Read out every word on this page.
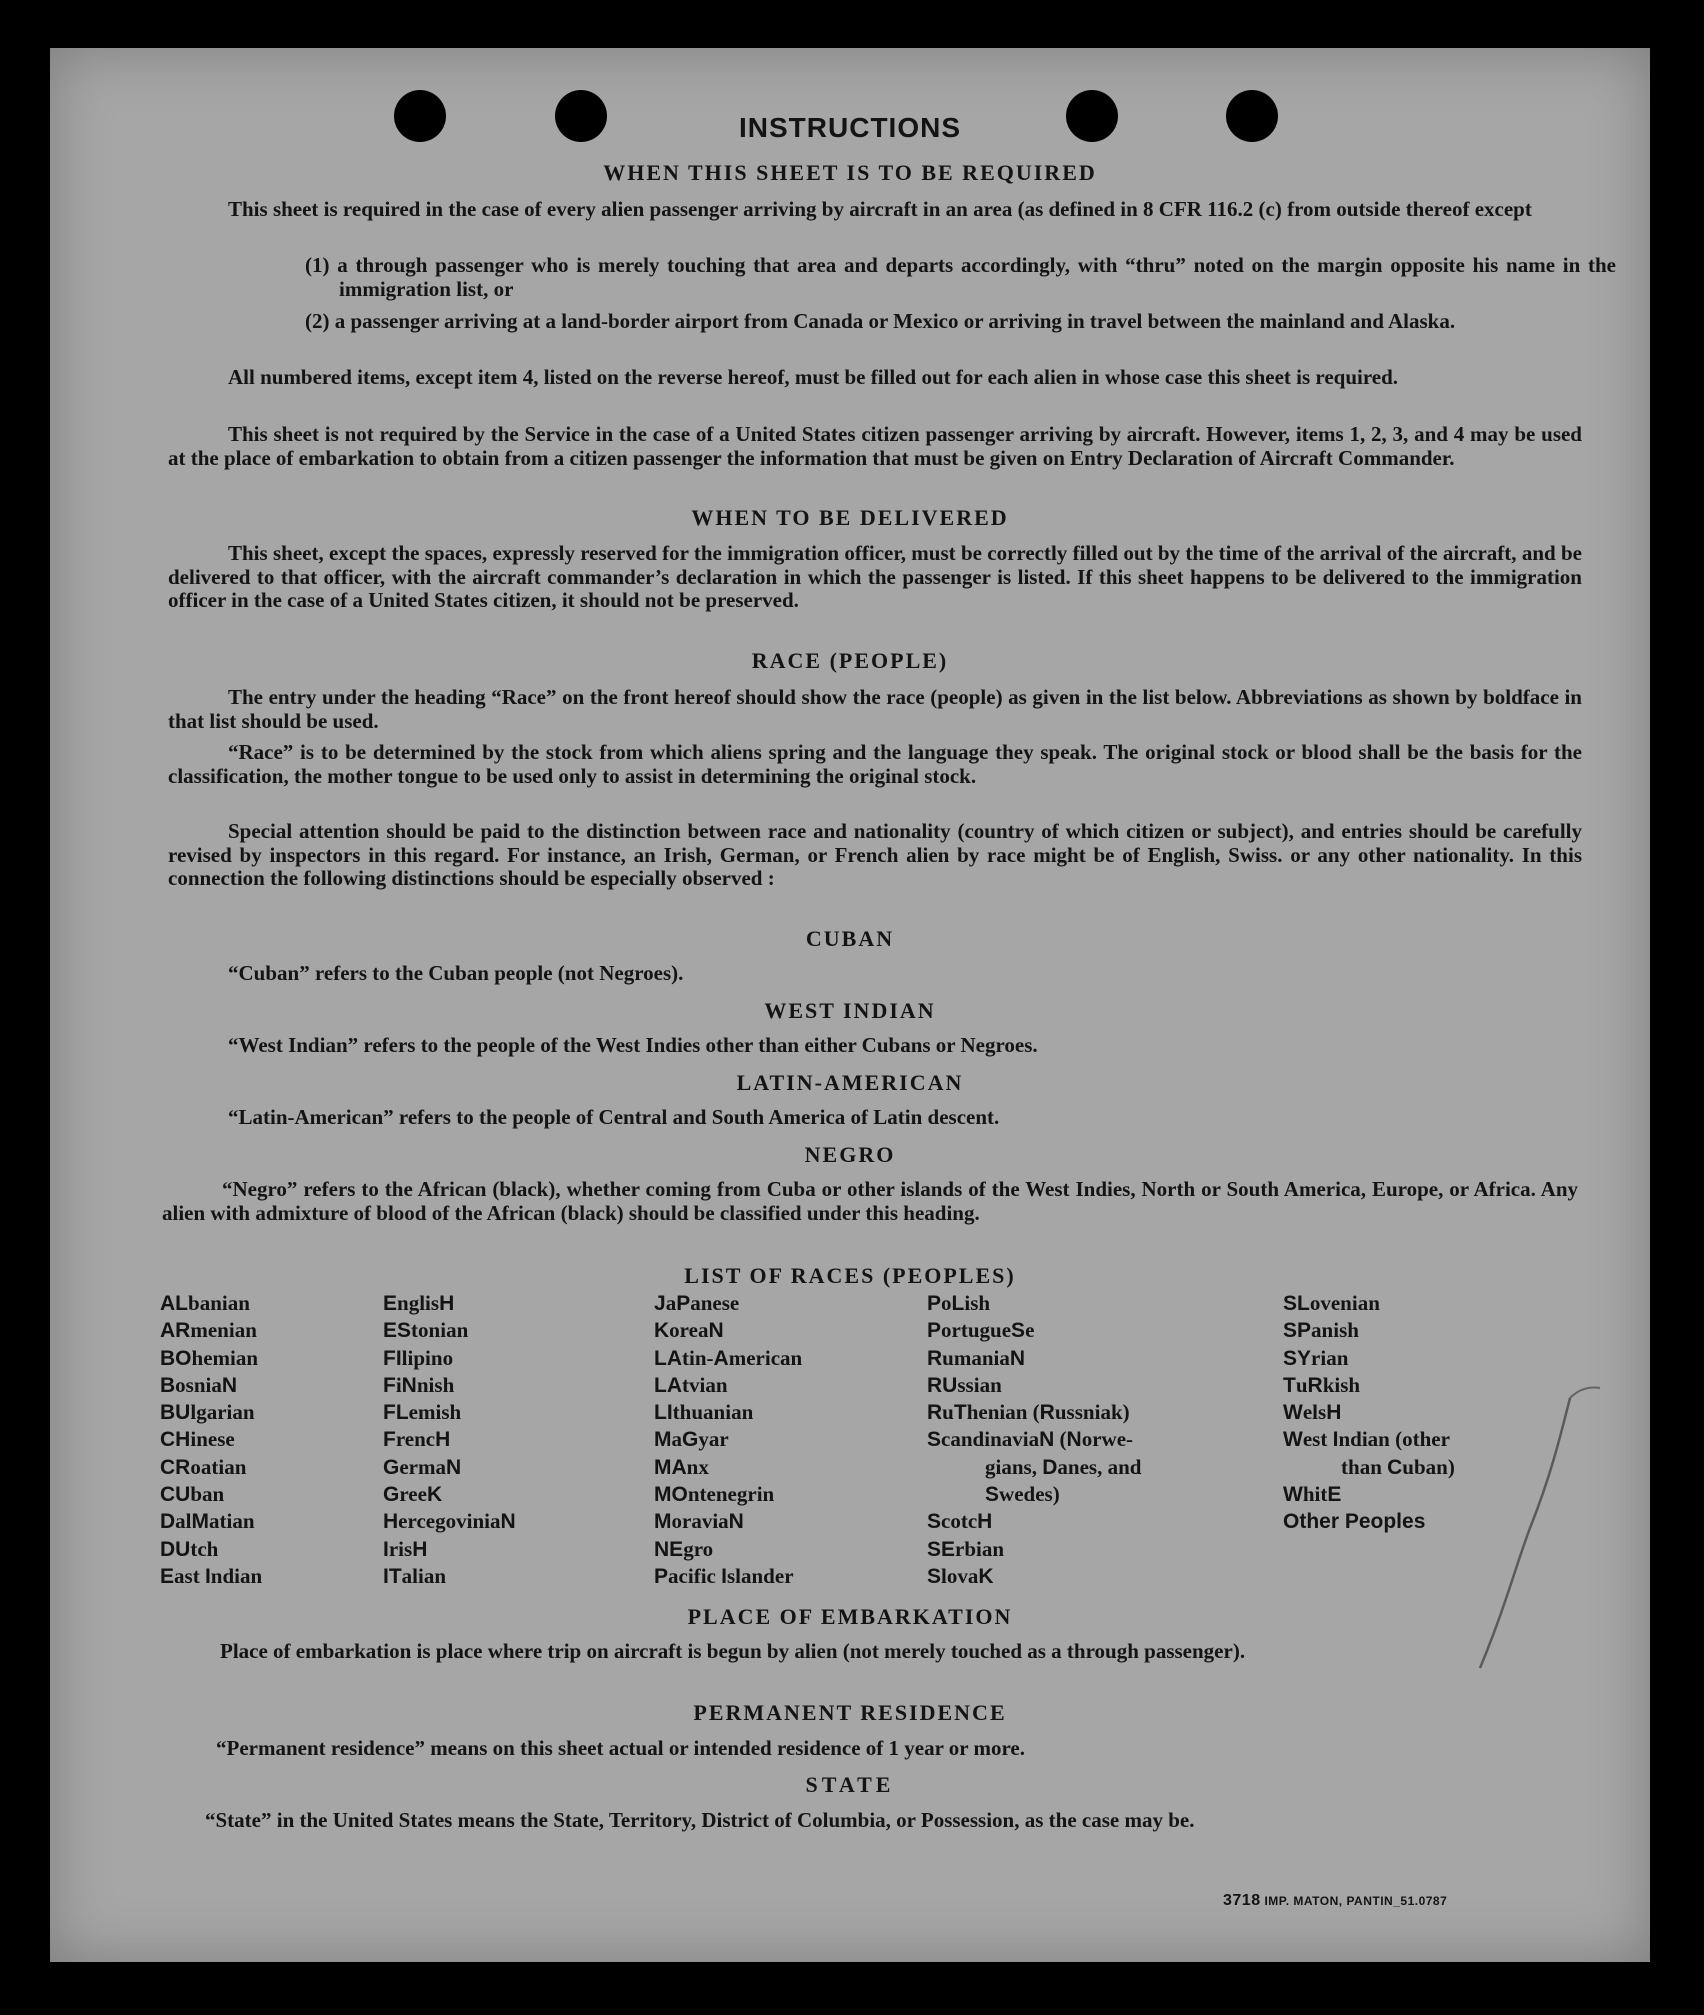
INSTRUCTIONS
WHEN THIS SHEET IS TO BE REQUIRED
This sheet is required in the case of every alien passenger arriving by aircraft in an area (as defined in 8 CFR 116.2 (c) from outside thereof except
(1) a through passenger who is merely touching that area and departs accordingly, with “thru” noted on the margin opposite his name in the immigration list, or
(2) a passenger arriving at a land-border airport from Canada or Mexico or arriving in travel between the mainland and Alaska.
All numbered items, except item 4, listed on the reverse hereof, must be filled out for each alien in whose case this sheet is required.
This sheet is not required by the Service in the case of a United States citizen passenger arriving by aircraft. However, items 1, 2, 3, and 4 may be used at the place of embarkation to obtain from a citizen passenger the information that must be given on Entry Declaration of Aircraft Commander.
WHEN TO BE DELIVERED
This sheet, except the spaces, expressly reserved for the immigration officer, must be correctly filled out by the time of the arrival of the aircraft, and be delivered to that officer, with the aircraft commander’s declaration in which the passenger is listed. If this sheet happens to be delivered to the immigration officer in the case of a United States citizen, it should not be preserved.
RACE (PEOPLE)
The entry under the heading “Race” on the front hereof should show the race (people) as given in the list below. Abbreviations as shown by boldface in that list should be used.
“Race” is to be determined by the stock from which aliens spring and the language they speak. The original stock or blood shall be the basis for the classification, the mother tongue to be used only to assist in determining the original stock.
Special attention should be paid to the distinction between race and nationality (country of which citizen or subject), and entries should be carefully revised by inspectors in this regard. For instance, an Irish, German, or French alien by race might be of English, Swiss. or any other nationality. In this connection the following distinctions should be especially observed :
CUBAN
“Cuban” refers to the Cuban people (not Negroes).
WEST INDIAN
“West Indian” refers to the people of the West Indies other than either Cubans or Negroes.
LATIN-AMERICAN
“Latin-American” refers to the people of Central and South America of Latin descent.
NEGRO
“Negro” refers to the African (black), whether coming from Cuba or other islands of the West Indies, North or South America, Europe, or Africa. Any alien with admixture of blood of the African (black) should be classified under this heading.
LIST OF RACES (PEOPLES)
ALbanian
ARmenian
BOhemian
BosniaN
BUlgarian
CHinese
CRoatian
CUban
DalMatian
DUtch
East Indian
EnglisH
EStonian
FIlipino
FiNnish
FLemish
FrencH
GermaN
GreeK
HercegoviniaN
IrisH
ITalian
JaPanese
KoreaN
LAtin-American
LAtvian
LIthuanian
MaGyar
MAnx
MOntenegrin
MoraviaN
NEgro
Pacific Islander
PoLish
PortugueSe
RumaniaN
RUssian
RuThenian (Russniak)
ScandinaviaN (Norwe-
gians, Danes, and
Swedes)
ScotcH
SErbian
SlovaK
SLovenian
SPanish
SYrian
TuRkish
WelsH
West Indian (other
than Cuban)
WhitE
Other Peoples
PLACE OF EMBARKATION
Place of embarkation is place where trip on aircraft is begun by alien (not merely touched as a through passenger).
PERMANENT RESIDENCE
“Permanent residence” means on this sheet actual or intended residence of 1 year or more.
STATE
“State” in the United States means the State, Territory, District of Columbia, or Possession, as the case may be.
3718 IMP. MATON, PANTIN_51.0787
